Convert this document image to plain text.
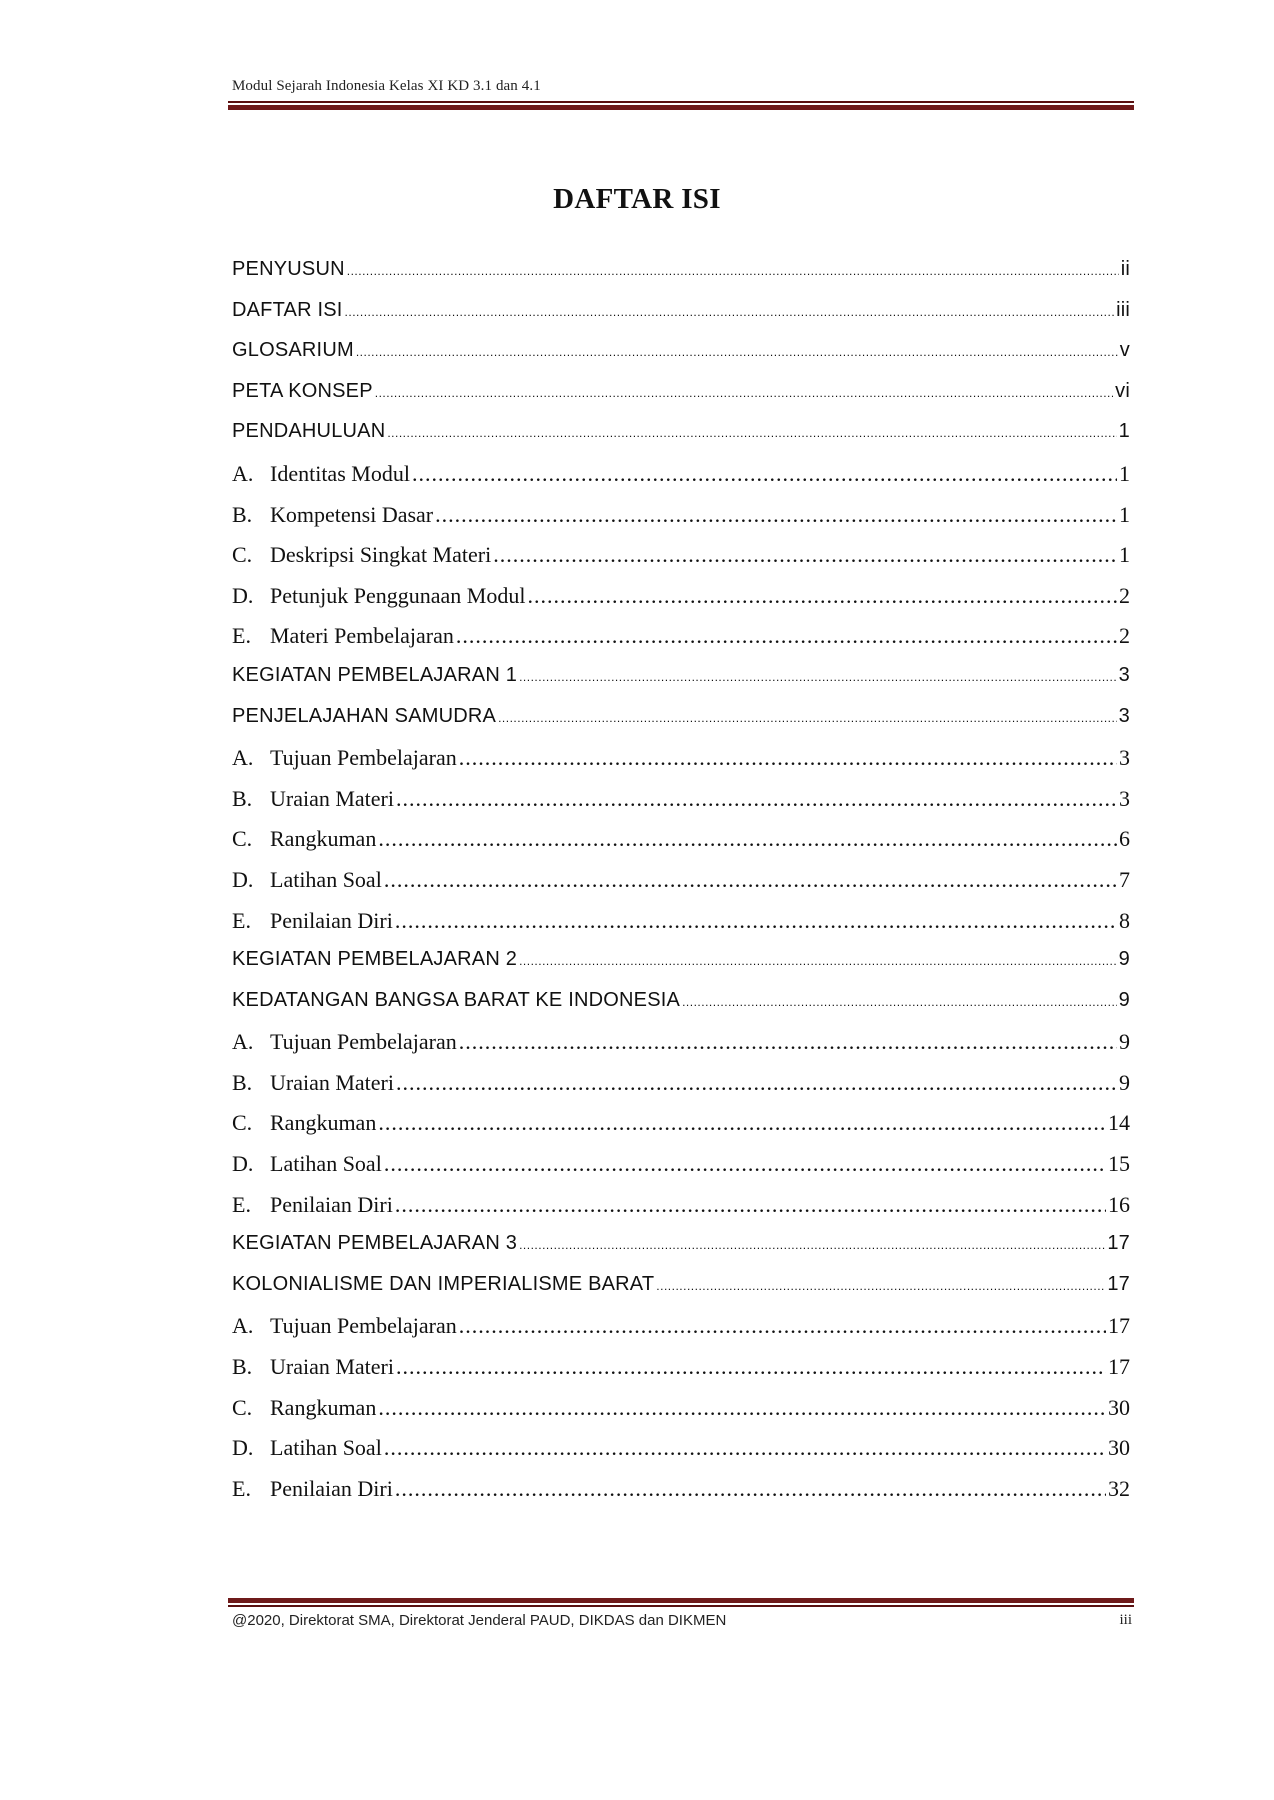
Modul Sejarah Indonesia Kelas XI KD 3.1 dan 4.1
DAFTAR ISI
PENYUSUN .....	ii
DAFTAR ISI .....	iii
GLOSARIUM .....	v
PETA KONSEP .....	vi
PENDAHULUAN .....	1
A. Identitas Modul .....	1
B. Kompetensi Dasar .....	1
C. Deskripsi Singkat Materi .....	1
D. Petunjuk Penggunaan Modul .....	2
E. Materi Pembelajaran .....	2
KEGIATAN PEMBELAJARAN 1 .....	3
PENJELAJAHAN SAMUDRA .....	3
A. Tujuan Pembelajaran .....	3
B. Uraian Materi .....	3
C. Rangkuman .....	6
D. Latihan Soal .....	7
E. Penilaian Diri .....	8
KEGIATAN PEMBELAJARAN 2 .....	9
KEDATANGAN BANGSA BARAT KE INDONESIA .....	9
A. Tujuan Pembelajaran .....	9
B. Uraian Materi .....	9
C. Rangkuman .....	14
D. Latihan Soal .....	15
E. Penilaian Diri .....	16
KEGIATAN PEMBELAJARAN 3 .....	17
KOLONIALISME DAN IMPERIALISME BARAT .....	17
A. Tujuan Pembelajaran .....	17
B. Uraian Materi .....	17
C. Rangkuman .....	30
D. Latihan Soal .....	30
E. Penilaian Diri .....	32
@2020, Direktorat SMA, Direktorat Jenderal PAUD, DIKDAS dan DIKMEN	iii
